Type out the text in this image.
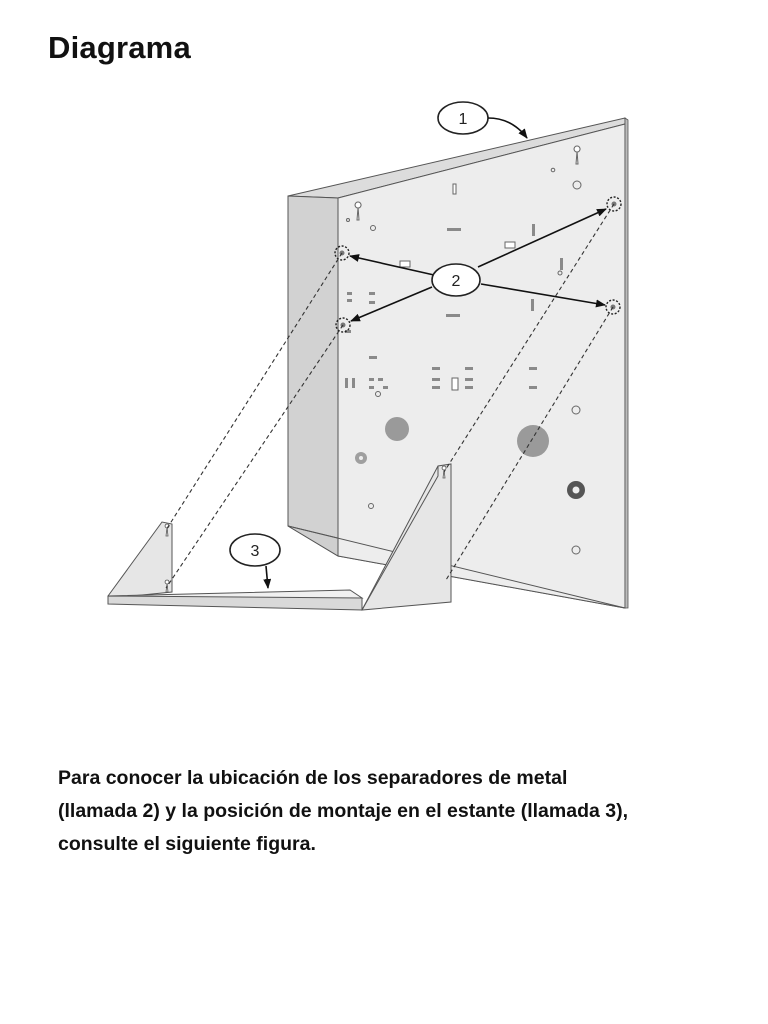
Diagrama
1
2
3

Para conocer la ubicación de los separadores de metal
(llamada 2) y la posición de montaje en el estante (llamada 3),
consulte el siguiente figura.
